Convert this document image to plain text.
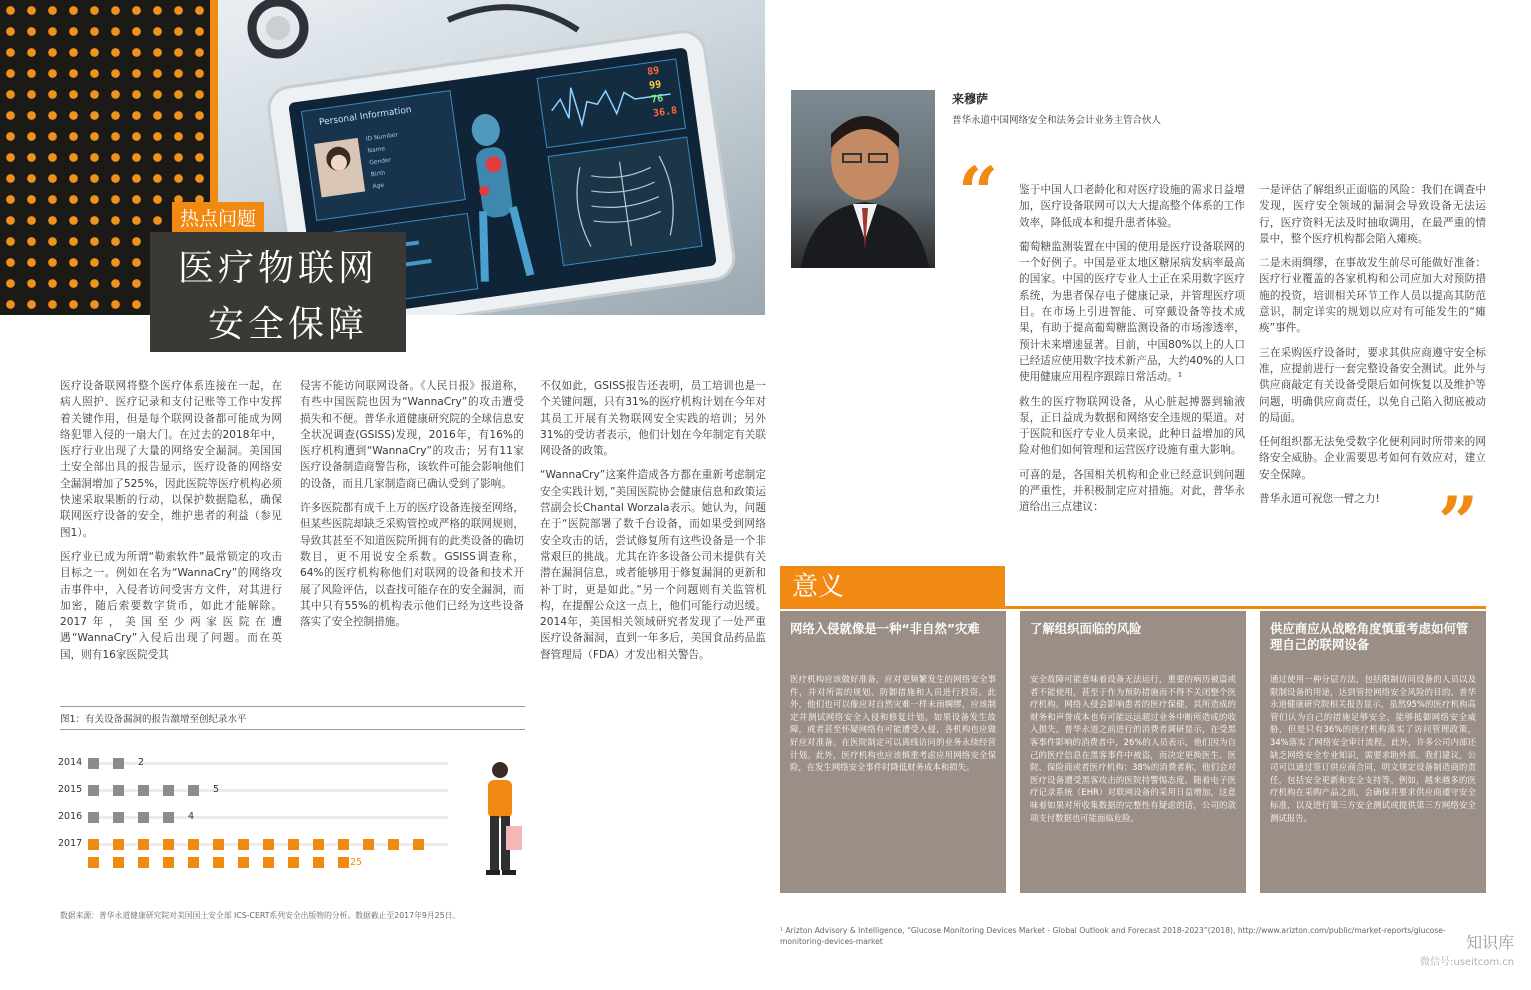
Personal Information
ID Number
Name
Gender
Birth
Age
89
99
76
36.8
热点问题
医疗物联网
安全保障

医疗设备联网将整个医疗体系连接在一起，在病人照护、医疗记录和支付记账等工作中发挥着关键作用，但是每个联网设备都可能成为网络犯罪入侵的一扇大门。在过去的2018年中，医疗行业出现了大量的网络安全漏洞。美国国土安全部出具的报告显示，医疗设备的网络安全漏洞增加了525%，因此医院等医疗机构必须快速采取果断的行动，以保护数据隐私，确保联网医疗设备的安全，维护患者的利益（参见图1）。

医疗业已成为所谓“勒索软件”最常锁定的攻击目标之一。例如在名为“WannaCry”的网络攻击事件中，入侵者访问受害方文件，对其进行加密，随后索要数字货币，如此才能解除。2017年，美国至少两家医院在遭遇“WannaCry”入侵后出现了问题。而在英国，则有16家医院受其

侵害不能访问联网设备。《人民日报》报道称，有些中国医院也因为“WannaCry”的攻击遭受损失和不便。普华永道健康研究院的全球信息安全状况调查(GSISS)发现，2016年，有16%的医疗机构遭到“WannaCry”的攻击；另有11家医疗设备制造商警告称，该软件可能会影响他们的设备，而且几家制造商已确认受到了影响。

许多医院都有成千上万的医疗设备连接至网络，但某些医院却缺乏采购管控或严格的联网规则，导致其甚至不知道医院所拥有的此类设备的确切数目，更不用说安全系数。GSISS调查称，64%的医疗机构称他们对联网的设备和技术开展了风险评估，以查找可能存在的安全漏洞，而其中只有55%的机构表示他们已经为这些设备落实了安全控制措施。

不仅如此，GSISS报告还表明，员工培训也是一个关键问题，只有31%的医疗机构计划在今年对其员工开展有关物联网安全实践的培训；另外31%的受访者表示，他们计划在今年制定有关联网设备的政策。

“WannaCry”这案件造成各方都在重新考虑制定安全实践计划，”美国医院协会健康信息和政策运营副会长Chantal Worzala表示。她认为，问题在于“医院部署了数千台设备，而如果受到网络安全攻击的话，尝试修复所有这些设备是一个非常艰巨的挑战。尤其在许多设备公司未提供有关潜在漏洞信息，或者能够用于修复漏洞的更新和补丁时，更是如此。”另一个问题则有关监管机构，在提醒公众这一点上，他们可能行动迟缓。2014年，美国相关领域研究者发现了一处严重医疗设备漏洞，直到一年多后，美国食品药品监督管理局（FDA）才发出相关警告。

图1：有关设备漏洞的报告激增至创纪录水平
2014	2
2015	5
2016	4
2017
25
数据来源：普华永道健康研究院对美国国土安全部 ICS-CERT系列安全出版物的分析。数据截止至2017年9月25日。
来穆萨
普华永道中国网络安全和法务会计业务主管合伙人
“ 鉴于中国人口老龄化和对医疗设施的需求日益增加，医疗设备联网可以大大提高整个体系的工作效率，降低成本和提升患者体验。

葡萄糖监测装置在中国的使用是医疗设备联网的一个好例子。中国是亚太地区糖尿病发病率最高的国家。中国的医疗专业人士正在采用数字医疗系统，为患者保存电子健康记录，并管理医疗项目。在市场上引进智能、可穿戴设备等技术成果，有助于提高葡萄糖监测设备的市场渗透率，预计未来增速显著。目前，中国80%以上的人口已经适应使用数字技术新产品，大约40%的人口使用健康应用程序跟踪日常活动。¹

救生的医疗物联网设备，从心脏起搏器到输液泵，正日益成为数据和网络安全违规的渠道。对于医院和医疗专业人员来说，此种日益增加的风险对他们如何管理和运营医疗设施有重大影响。

可喜的是，各国相关机构和企业已经意识到问题的严重性，并积极制定应对措施。对此，普华永道给出三点建议：

一是评估了解组织正面临的风险：我们在调查中发现，医疗安全领域的漏洞会导致设备无法运行，医疗资料无法及时抽取调用，在最严重的情景中，整个医疗机构都会陷入瘫痪。

二是未雨绸缪，在事故发生前尽可能做好准备：医疗行业覆盖的各家机构和公司应加大对预防措施的投资，培训相关环节工作人员以提高其防范意识，制定详实的规划以应对有可能发生的“瘫痪”事件。

三在采购医疗设备时，要求其供应商遵守安全标准，应提前进行一套完整设备安全测试。此外与供应商敲定有关设备受限后如何恢复以及维护等问题，明确供应商责任，以免自己陷入彻底被动的局面。

任何组织都无法免受数字化便利同时所带来的网络安全威胁。企业需要思考如何有效应对，建立安全保障。

普华永道可祝您一臂之力! ”
意义
网络入侵就像是一种“非自然”灾难

医疗机构应该做好准备，应对更频繁发生的网络安全事件，并对所需的规划、防御措施和人员进行投资。此外，他们也可以像应对自然灾难一样未雨绸缪，应该制定并测试网络安全入侵和修复计划。如果设备发生故障，或者甚至怀疑网络有可能遭受入侵，各机构也应做好应对准备。在医院制定可以离线访问的业务永续经营计划。此外，医疗机构也应该慎重考虑应用网络安全保险，在发生网络安全事件时降低财务成本和损失。

了解组织面临的风险

安全故障可能意味着设备无法运行，重要的病历被盗或者不能使用，甚至于作为预防措施而不得不关闭整个医疗机构。网络入侵会影响患者的医疗保健，其所造成的财务和声誉成本也有可能远远超过业务中断所造成的收入损失。普华永道之前进行的消费者调研显示，在受黑客事件影响的消费者中，26%的人员表示，他们因为自己的医疗信息在黑客事件中被盗，而决定更换医生、医院、保险商或者医疗机构；38%的消费者称，他们会对医疗设备遭受黑客攻击的医院持警惕态度。随着电子医疗记录系统（EHR）对联网设备的采用日益增加，这意味着如果对所收集数据的完整性有疑虑的话，公司的款项支付数据也可能面临危险。

供应商应从战略角度慎重考虑如何管理自己的联网设备

通过使用一种分层方法，包括限制访问设备的人员以及限制设备的用途，达到管控网络安全风险的目的。普华永道健康研究院相关报告显示，虽然95%的医疗机构高管们认为自己的措施足够安全，能够抵御网络安全威胁，但是只有36%的医疗机构落实了访问管理政策，34%落实了网络安全审计流程。此外，许多公司内部还缺乏网络安全专业知识，需要求助外部。我们建议，公司可以通过签订供应商合同，明文规定设备制造商的责任，包括安全更新和安全支持等。例如，越来越多的医疗机构在采购产品之前，会确保并要求供应商遵守安全标准，以及进行第三方安全测试或提供第三方网络安全测试报告。

¹ Arizton Advisory & Intelligence, “Glucose Monitoring Devices Market - Global Outlook and Forecast 2018-2023”(2018), http://www.arizton.com/public/market-reports/glucose-monitoring-devices-market	知识库
微信号:useitcom.cn
